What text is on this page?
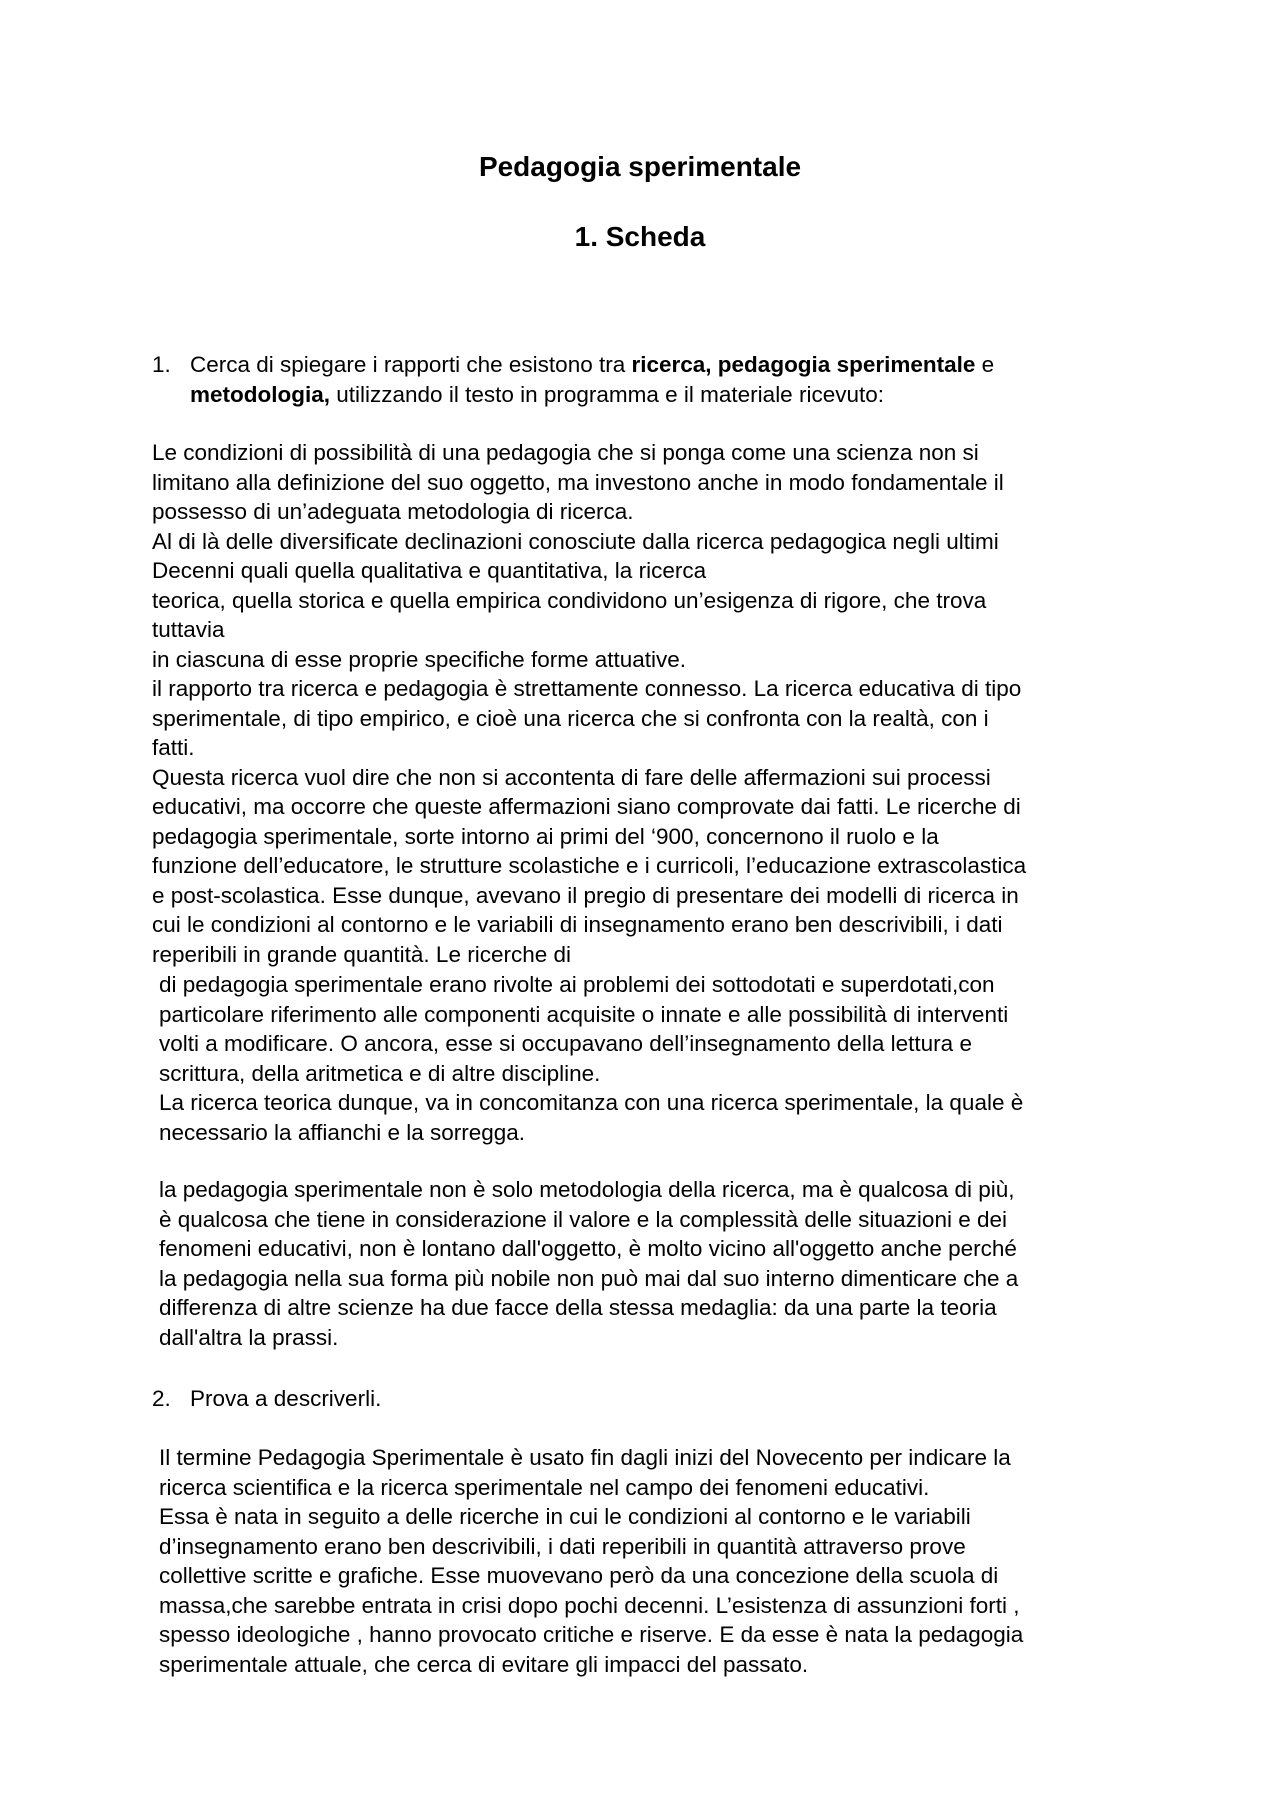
Pedagogia sperimentale
1. Scheda
1. Cerca di spiegare i rapporti che esistono tra ricerca, pedagogia sperimentale e
metodologia, utilizzando il testo in programma e il materiale ricevuto:

Le condizioni di possibilità di una pedagogia che si ponga come una scienza non si

limitano alla definizione del suo oggetto, ma investono anche in modo fondamentale il

possesso di un’adeguata metodologia di ricerca.

Al di là delle diversificate declinazioni conosciute dalla ricerca pedagogica negli ultimi

Decenni quali quella qualitativa e quantitativa, la ricerca

teorica, quella storica e quella empirica condividono un’esigenza di rigore, che trova

tuttavia

in ciascuna di esse proprie specifiche forme attuative.

il rapporto tra ricerca e pedagogia è strettamente connesso. La ricerca educativa di tipo

sperimentale, di tipo empirico, e cioè una ricerca che si confronta con la realtà, con i

fatti.

Questa ricerca vuol dire che non si accontenta di fare delle affermazioni sui processi

educativi, ma occorre che queste affermazioni siano comprovate dai fatti. Le ricerche di

pedagogia sperimentale, sorte intorno ai primi del ‘900, concernono il ruolo e la

funzione dell’educatore, le strutture scolastiche e i curricoli, l’educazione extrascolastica

e post-scolastica. Esse dunque, avevano il pregio di presentare dei modelli di ricerca in

cui le condizioni al contorno e le variabili di insegnamento erano ben descrivibili, i dati

reperibili in grande quantità. Le ricerche di

di pedagogia sperimentale erano rivolte ai problemi dei sottodotati e superdotati,con

particolare riferimento alle componenti acquisite o innate e alle possibilità di interventi

volti a modificare. O ancora, esse si occupavano dell’insegnamento della lettura e

scrittura, della aritmetica e di altre discipline.

La ricerca teorica dunque, va in concomitanza con una ricerca sperimentale, la quale è

necessario la affianchi e la sorregga.

la pedagogia sperimentale non è solo metodologia della ricerca, ma è qualcosa di più,

è qualcosa che tiene in considerazione il valore e la complessità delle situazioni e dei

fenomeni educativi, non è lontano dall'oggetto, è molto vicino all'oggetto anche perché

la pedagogia nella sua forma più nobile non può mai dal suo interno dimenticare che a

differenza di altre scienze ha due facce della stessa medaglia: da una parte la teoria

dall'altra la prassi.

2. Prova a descriverli.

Il termine Pedagogia Sperimentale è usato fin dagli inizi del Novecento per indicare la

ricerca scientifica e la ricerca sperimentale nel campo dei fenomeni educativi.

Essa è nata in seguito a delle ricerche in cui le condizioni al contorno e le variabili

d’insegnamento erano ben descrivibili, i dati reperibili in quantità attraverso prove

collettive scritte e grafiche. Esse muovevano però da una concezione della scuola di

massa,che sarebbe entrata in crisi dopo pochi decenni. L’esistenza di assunzioni forti ,

spesso ideologiche , hanno provocato critiche e riserve. E da esse è nata la pedagogia

sperimentale attuale, che cerca di evitare gli impacci del passato.
